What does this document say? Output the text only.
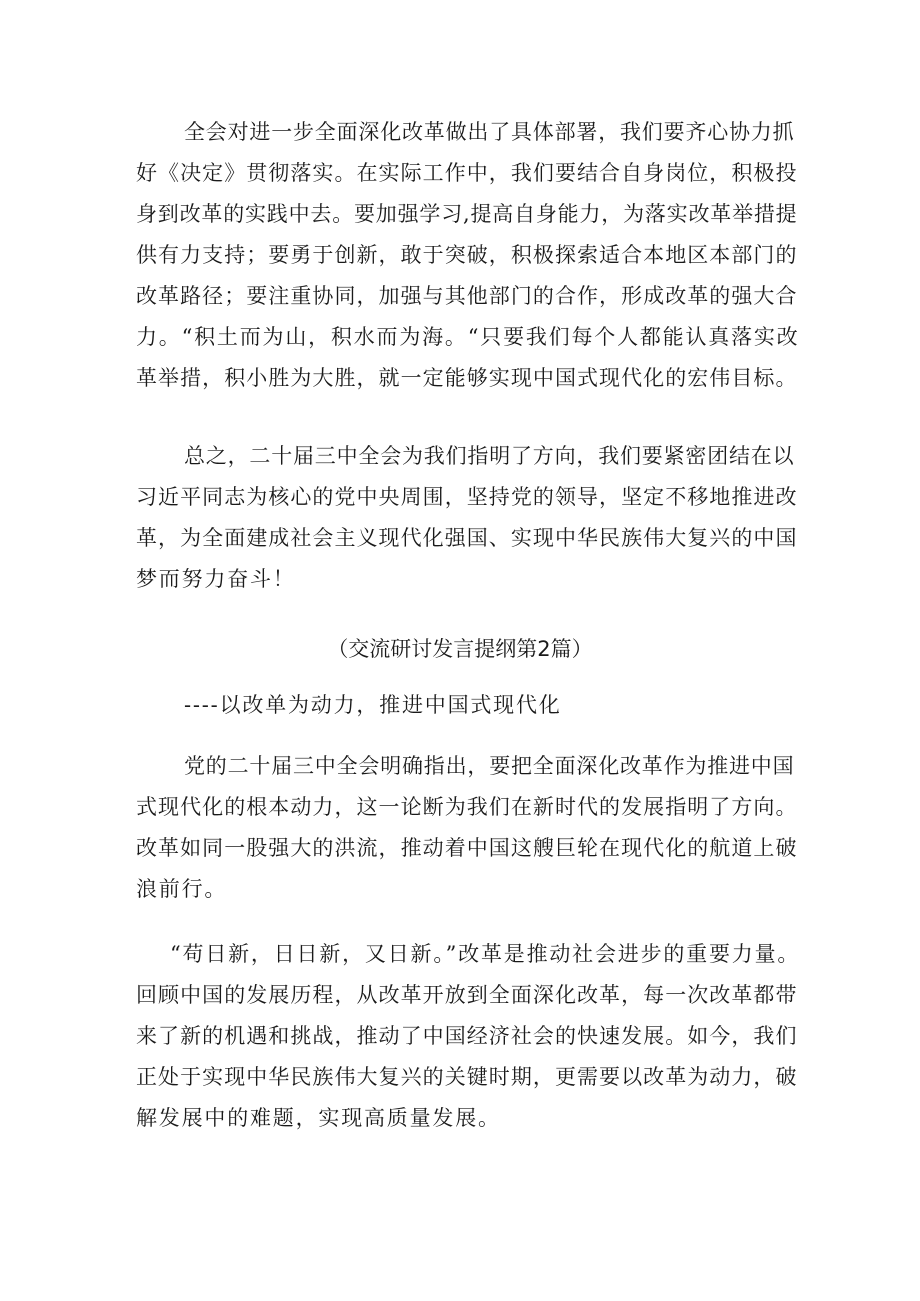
全会对进一步全面深化改革做出了具体部署，我们要齐心协力抓
好《决定》贯彻落实。在实际工作中，我们要结合自身岗位，积极投
身到改革的实践中去。要加强学习,提高自身能力，为落实改革举措提
供有力支持；要勇于创新，敢于突破，积极探索适合本地区本部门的
改革路径；要注重协同，加强与其他部门的合作，形成改革的强大合
力。“积土而为山，积水而为海。“只要我们每个人都能认真落实改
革举措，积小胜为大胜，就一定能够实现中国式现代化的宏伟目标。
总之，二十届三中全会为我们指明了方向，我们要紧密团结在以
习近平同志为核心的党中央周围，坚持党的领导，坚定不移地推进改
革，为全面建成社会主义现代化强国、实现中华民族伟大复兴的中国
梦而努力奋斗！
（交流研讨发言提纲第2篇）
----以改单为动力，推进中国式现代化
党的二十届三中全会明确指出，要把全面深化改革作为推进中国
式现代化的根本动力，这一论断为我们在新时代的发展指明了方向。
改革如同一股强大的洪流，推动着中国这艘巨轮在现代化的航道上破
浪前行。
“苟日新，日日新，又日新。”改革是推动社会进步的重要力量。
回顾中国的发展历程，从改革开放到全面深化改革，每一次改革都带
来了新的机遇和挑战，推动了中国经济社会的快速发展。如今，我们
正处于实现中华民族伟大复兴的关键时期，更需要以改革为动力，破
解发展中的难题，实现高质量发展。
